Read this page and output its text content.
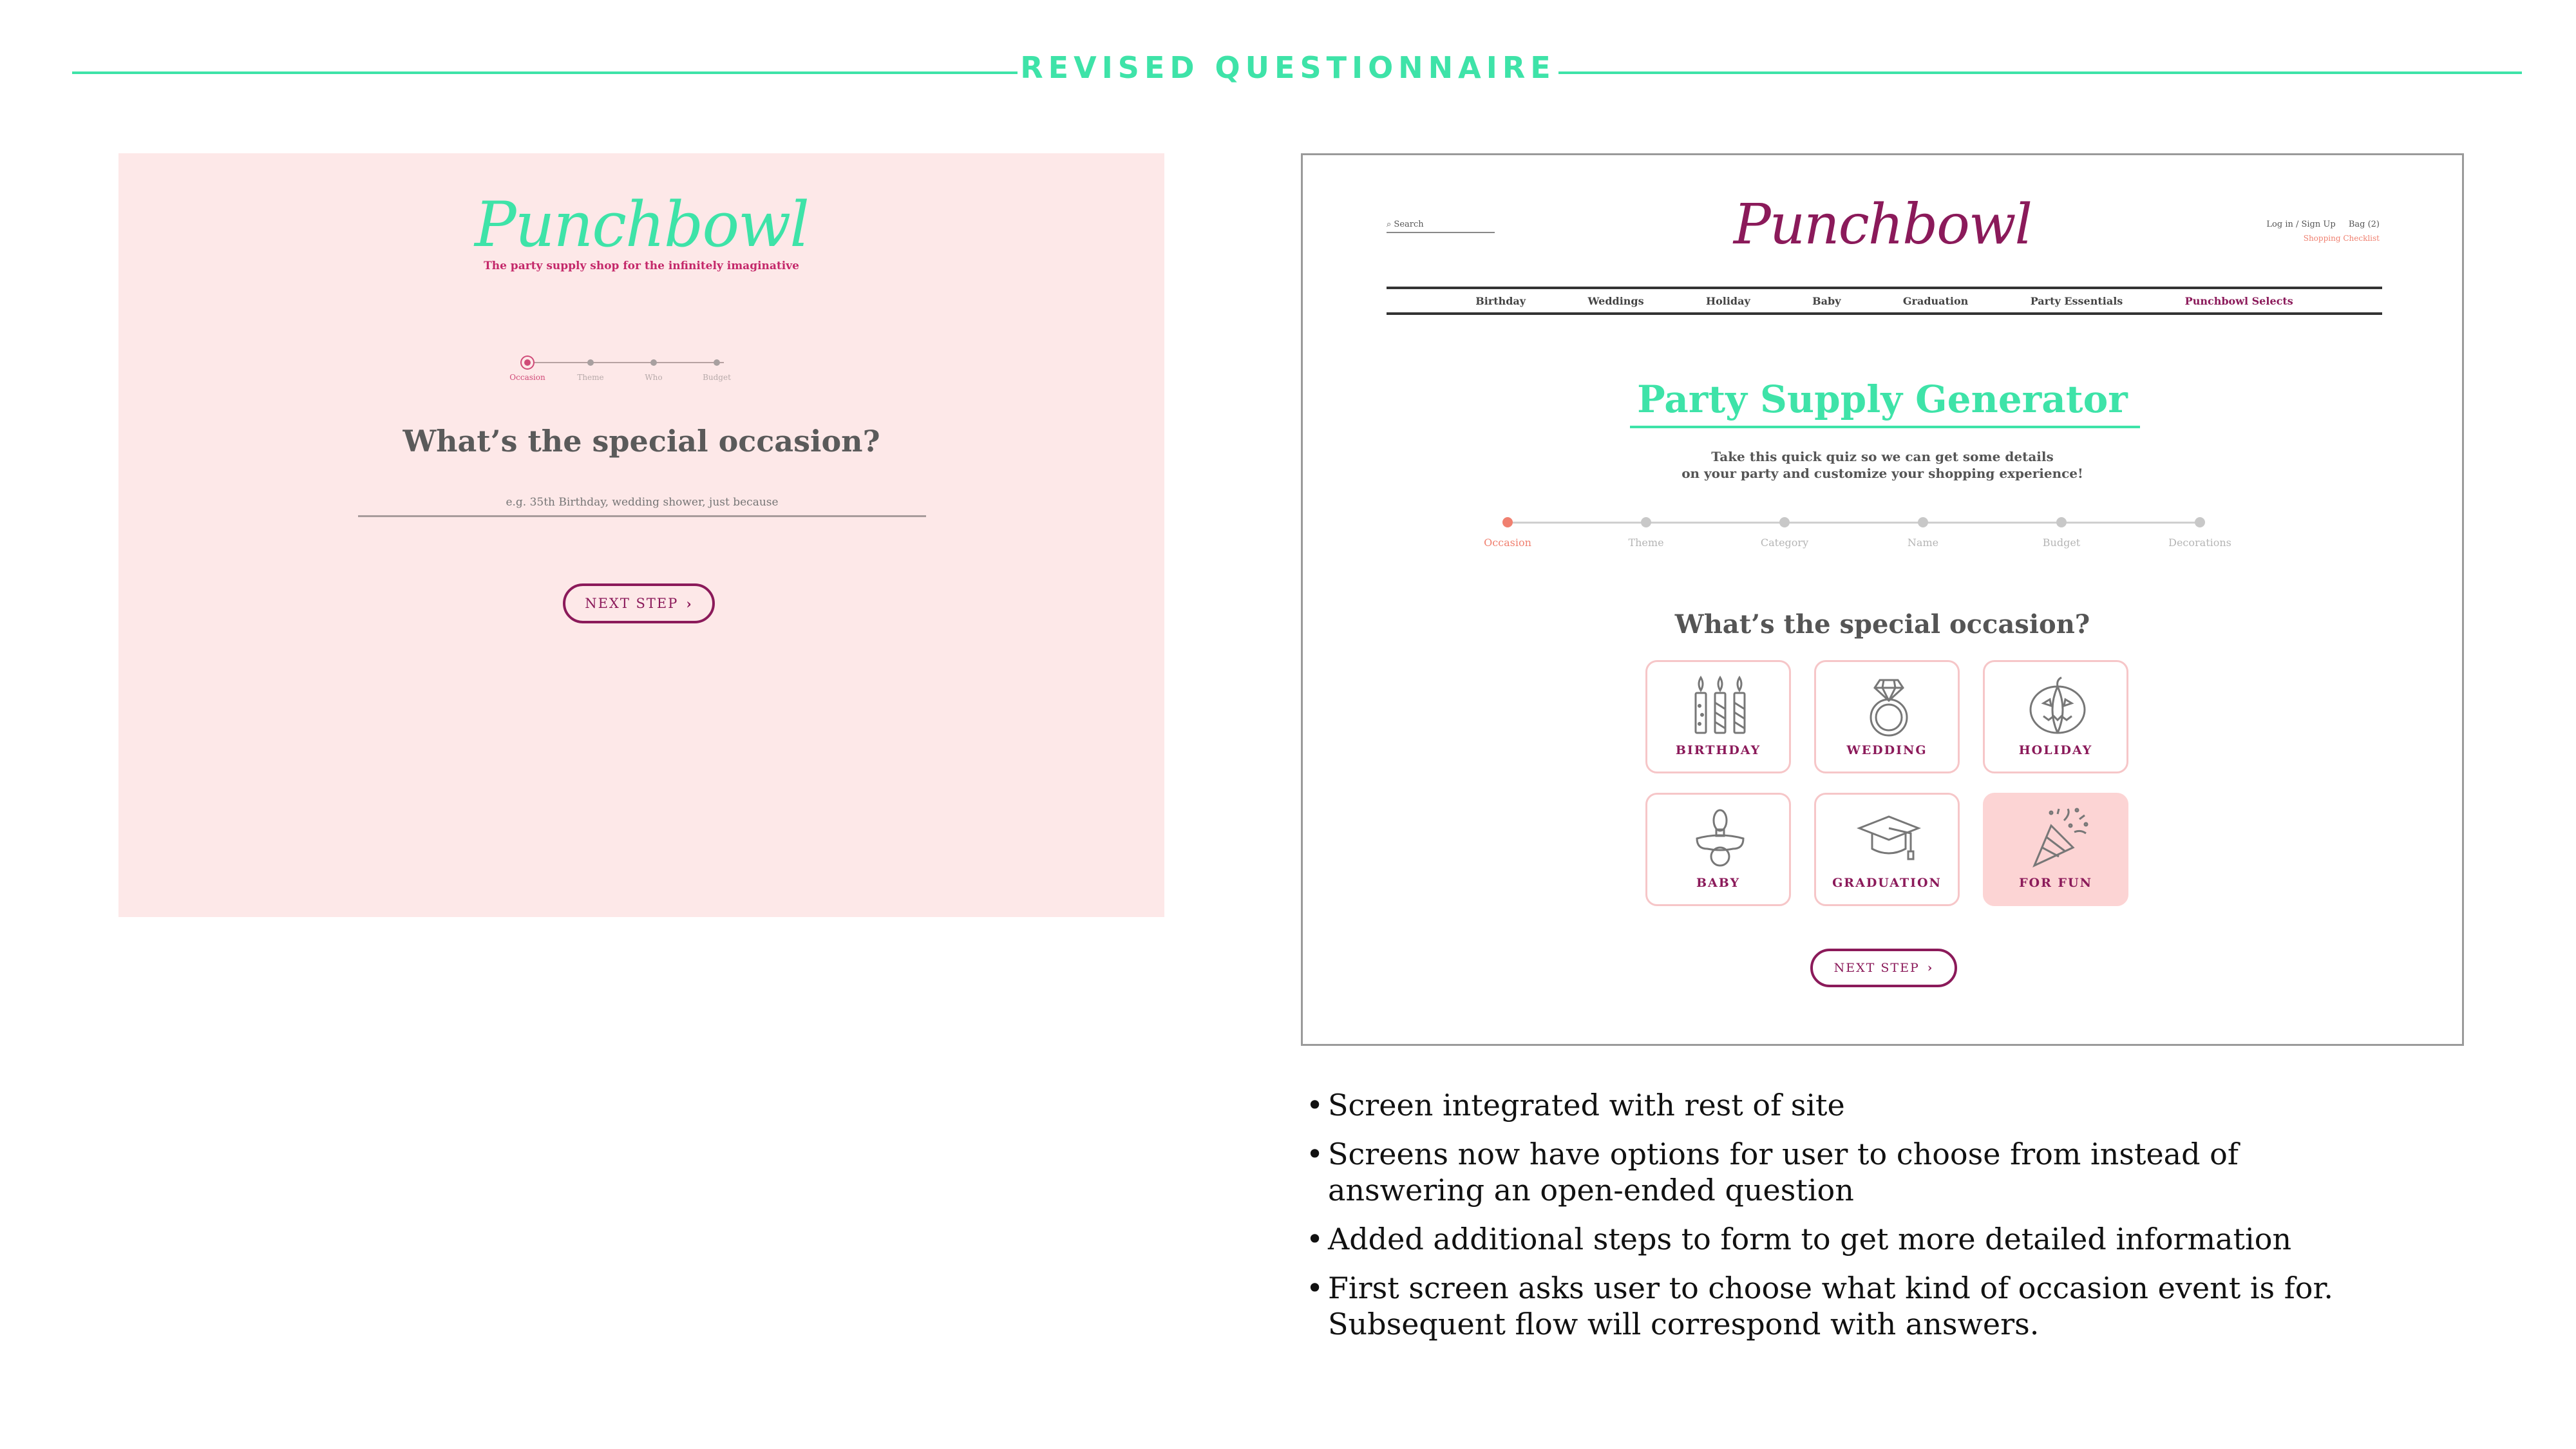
REVISED QUESTIONNAIRE
Punchbowl
The party supply shop for the infinitely imaginative
Occasion	Theme	Who	Budget
What’s the special occasion?
e.g. 35th Birthday, wedding shower, just because
NEXT STEP ›
⌕ Search	Punchbowl	Log in / Sign Up Bag (2)
Shopping Checklist
Birthday	Weddings	Holiday	Baby	Graduation	Party Essentials	Punchbowl Selects
Party Supply Generator
Take this quick quiz so we can get some details
on your party and customize your shopping experience!
Occasion	Theme	Category	Name	Budget	Decorations
What’s the special occasion?
BIRTHDAY	WEDDING	HOLIDAY
BABY	GRADUATION	FOR FUN
NEXT STEP ›
• Screen integrated with rest of site
• Screens now have options for user to choose from instead of answering an open-ended question
• Added additional steps to form to get more detailed information
• First screen asks user to choose what kind of occasion event is for. Subsequent flow will correspond with answers.
